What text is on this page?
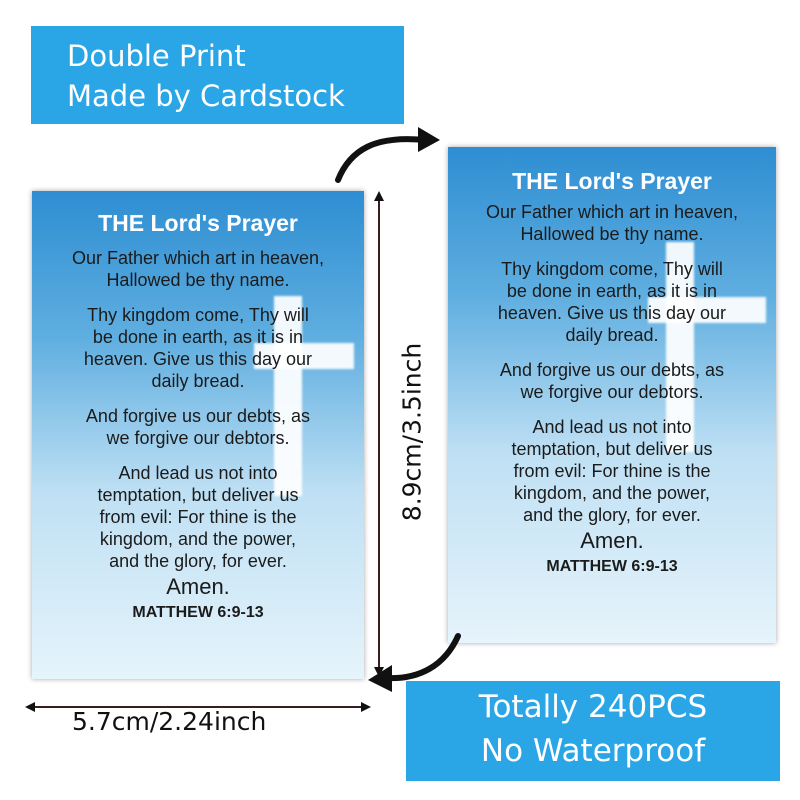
Double Print
Made by Cardstock
THE Lord's Prayer
Our Father which art in heaven,
Hallowed be thy name.
Thy kingdom come, Thy will
be done in earth, as it is in
heaven. Give us this day our
daily bread.
And forgive us our debts, as
we forgive our debtors.
And lead us not into
temptation, but deliver us
from evil: For thine is the
kingdom, and the power,
and the glory, for ever.
Amen.
MATTHEW 6:9-13
THE Lord's Prayer
Our Father which art in heaven,
Hallowed be thy name.
Thy kingdom come, Thy will
be done in earth, as it is in
heaven. Give us this day our
daily bread.
And forgive us our debts, as
we forgive our debtors.
And lead us not into
temptation, but deliver us
from evil: For thine is the
kingdom, and the power,
and the glory, for ever.
Amen.
MATTHEW 6:9-13
5.7cm/2.24inch
8.9cm/3.5inch
Totally 240PCS
No Waterproof
